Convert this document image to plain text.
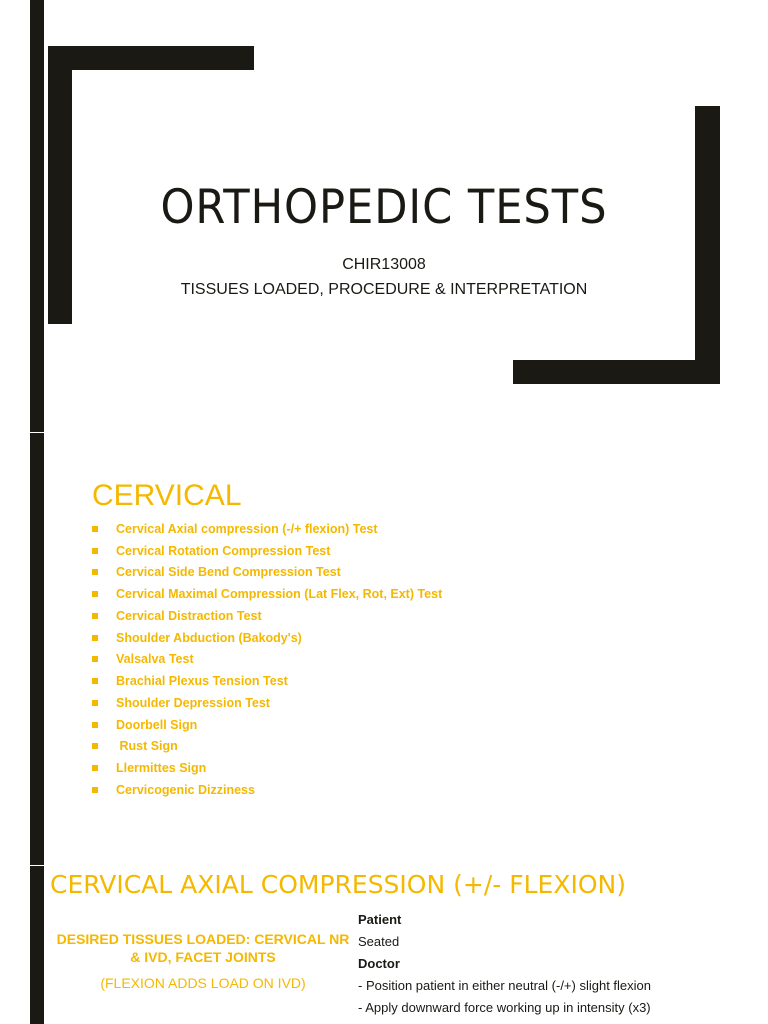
ORTHOPEDIC TESTS
CHIR13008
TISSUES LOADED, PROCEDURE & INTERPRETATION
CERVICAL
Cervical Axial compression (-/+ flexion) Test
Cervical Rotation Compression Test
Cervical Side Bend Compression Test
Cervical Maximal Compression (Lat Flex, Rot, Ext) Test
Cervical Distraction Test
Shoulder Abduction (Bakody's)
Valsalva Test
Brachial Plexus Tension Test
Shoulder Depression Test
Doorbell Sign
Rust Sign
Llermittes Sign
Cervicogenic Dizziness
CERVICAL AXIAL COMPRESSION (+/- FLEXION)
DESIRED TISSUES LOADED: CERVICAL NR & IVD, FACET JOINTS
(FLEXION ADDS LOAD ON IVD)
Patient
Seated
Doctor
- Position patient in either neutral (-/+) slight flexion
- Apply downward force working up in intensity (x3)
